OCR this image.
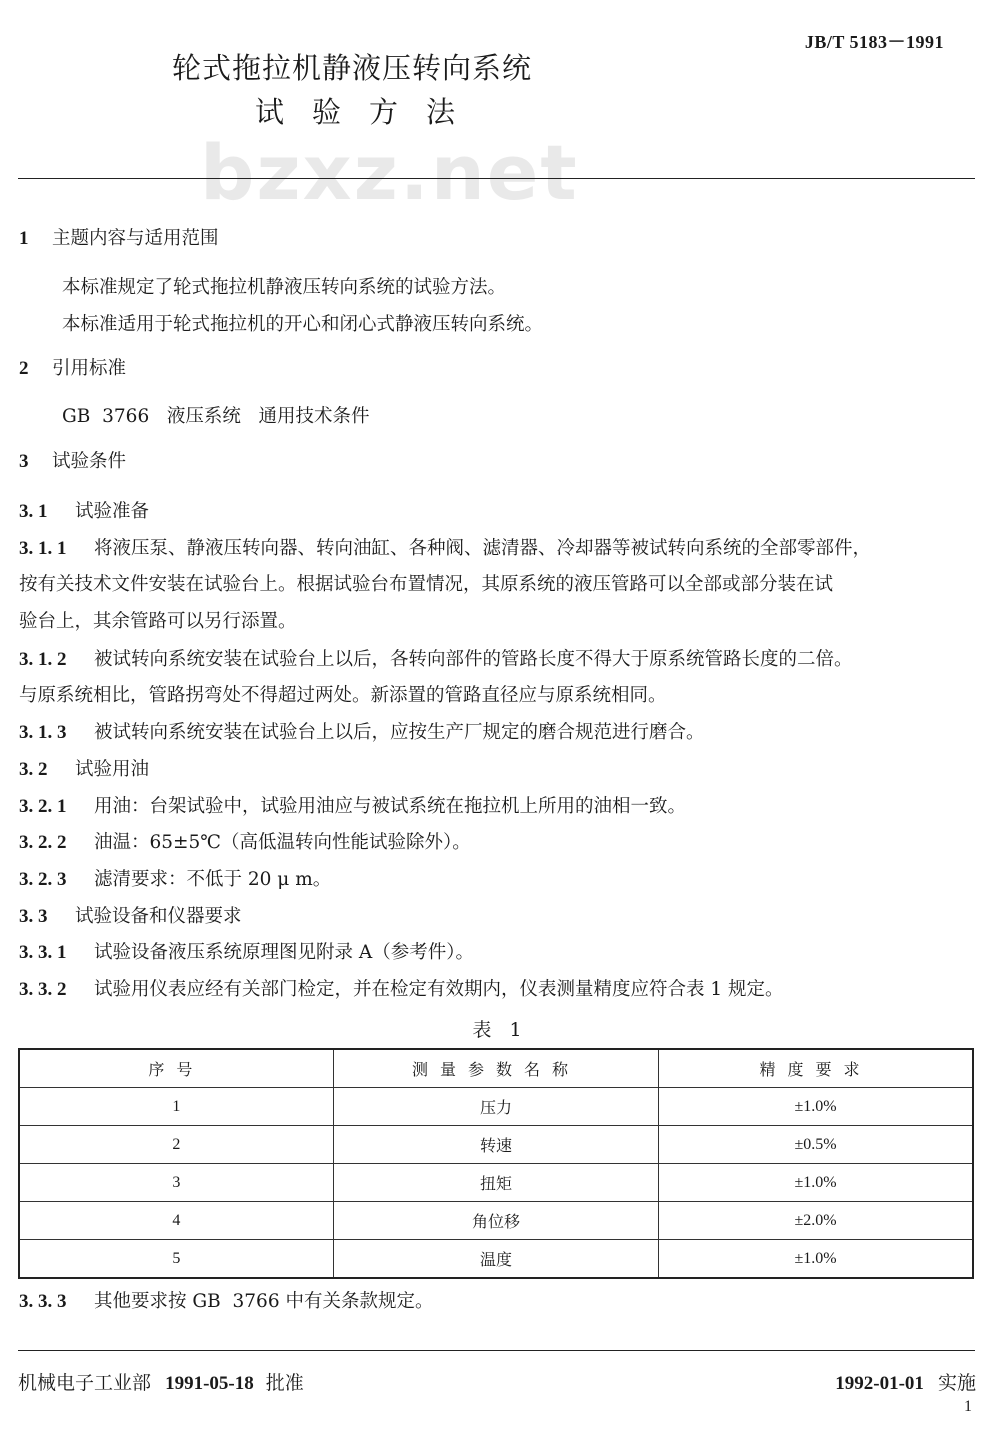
JB/T 5183－1991
轮式拖拉机静液压转向系统
试验方法
bzxz.net
1 主题内容与适用范围
本标准规定了轮式拖拉机静液压转向系统的试验方法。
本标准适用于轮式拖拉机的开心和闭心式静液压转向系统。
2 引用标准
GB  3766   液压系统   通用技术条件
3 试验条件
3. 1 试验准备
3. 1. 1 将液压泵、静液压转向器、转向油缸、各种阀、滤清器、冷却器等被试转向系统的全部零部件，
按有关技术文件安装在试验台上。根据试验台布置情况，其原系统的液压管路可以全部或部分装在试
验台上，其余管路可以另行添置。
3. 1. 2 被试转向系统安装在试验台上以后，各转向部件的管路长度不得大于原系统管路长度的二倍。
与原系统相比，管路拐弯处不得超过两处。新添置的管路直径应与原系统相同。
3. 1. 3 被试转向系统安装在试验台上以后，应按生产厂规定的磨合规范进行磨合。
3. 2 试验用油
3. 2. 1 用油：台架试验中，试验用油应与被试系统在拖拉机上所用的油相一致。
3. 2. 2 油温：65±5℃（高低温转向性能试验除外）。
3. 2. 3 滤清要求：不低于 20 μ m。
3. 3 试验设备和仪器要求
3. 3. 1 试验设备液压系统原理图见附录 A（参考件）。
3. 3. 2 试验用仪表应经有关部门检定，并在检定有效期内，仪表测量精度应符合表 1 规定。
表 1
序号	测量参数名称	精度要求
1	压力	±1.0%
2	转速	±0.5%
3	扭矩	±1.0%
4	角位移	±2.0%
5	温度	±1.0%
3. 3. 3 其他要求按 GB  3766 中有关条款规定。
机械电子工业部 1991-05-18 批准	1992-01-01 实施
1
